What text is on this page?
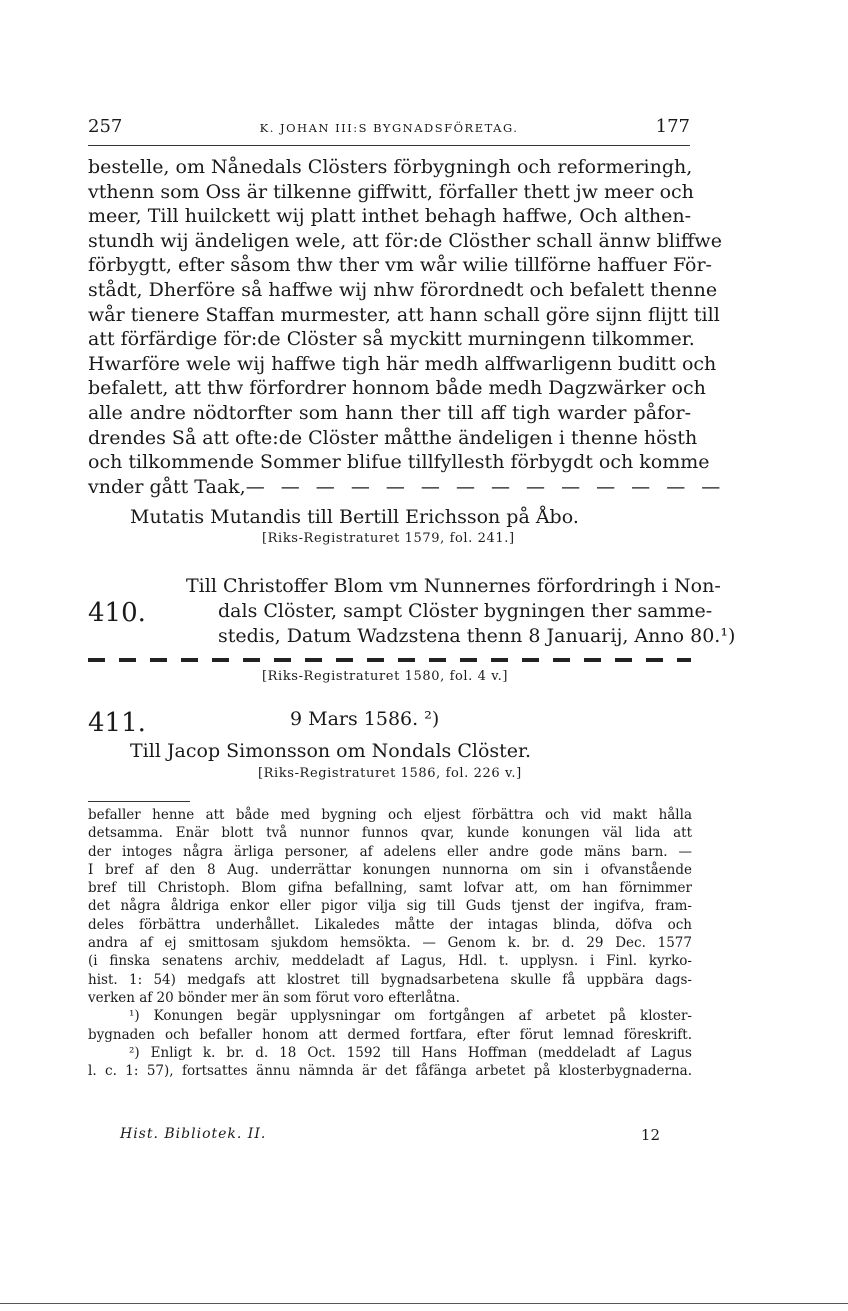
257	K. JOHAN III:S BYGNADSFÖRETAG.	177
bestelle, om Nånedals Clösters förbygningh och reformeringh,
vthenn som Oss är tilkenne giffwitt, förfaller thett jw meer och
meer, Till huilckett wij platt inthet behagh haffwe, Och althen-
stundh wij ändeligen wele, att för:de Clösther schall ännw bliffwe
förbygtt, efter såsom thw ther vm wår wilie tillförne haffuer För-
stådt, Dherföre så haffwe wij nhw förordnedt och befalett thenne
wår tienere Staffan murmester, att hann schall göre sijnn flijtt till
att förfärdige för:de Clöster så myckitt murningenn tilkommer.
Hwarföre wele wij haffwe tigh här medh alffwarligenn buditt och
befalett, att thw förfordrer honnom både medh Dagzwärker och
alle andre nödtorfter som hann ther till aff tigh warder påfor-
drendes Så att ofte:de Clöster måtthe ändeligen i thenne hösth
och tilkommende Sommer blifue tillfyllesth förbygdt och komme
vnder gått Taak, — — — — — — — — — — — — — —
Mutatis Mutandis till Bertill Erichsson på Åbo.
[Riks-Registraturet 1579, fol. 241.]
410.
Till Christoffer Blom vm Nunnernes förfordringh i Non-
dals Clöster, sampt Clöster bygningen ther samme-
stedis, Datum Wadzstena thenn 8 Januarij, Anno 80.¹)
[Riks-Registraturet 1580, fol. 4 v.]
411.	9 Mars 1586. ²)
Till Jacop Simonsson om Nondals Clöster.
[Riks-Registraturet 1586, fol. 226 v.]
befaller henne att både med bygning och eljest förbättra och vid makt hålla
detsamma. Enär blott två nunnor funnos qvar, kunde konungen väl lida att
der intoges några ärliga personer, af adelens eller andre gode mäns barn. —
I bref af den 8 Aug. underrättar konungen nunnorna om sin i ofvanstående
bref till Christoph. Blom gifna befallning, samt lofvar att, om han förnimmer
det några åldriga enkor eller pigor vilja sig till Guds tjenst der ingifva, fram-
deles förbättra underhållet. Likaledes måtte der intagas blinda, döfva och
andra af ej smittosam sjukdom hemsökta. — Genom k. br. d. 29 Dec. 1577
(i finska senatens archiv, meddeladt af Lagus, Hdl. t. upplysn. i Finl. kyrko-
hist. 1: 54) medgafs att klostret till bygnadsarbetena skulle få uppbära dags-
verken af 20 bönder mer än som förut voro efterlåtna.
¹) Konungen begär upplysningar om fortgången af arbetet på kloster-
bygnaden och befaller honom att dermed fortfara, efter förut lemnad föreskrift.
²) Enligt k. br. d. 18 Oct. 1592 till Hans Hoffman (meddeladt af Lagus
l. c. 1: 57), fortsattes ännu nämnda är det fåfänga arbetet på klosterbygnaderna.
Hist. Bibliotek. II.	12
